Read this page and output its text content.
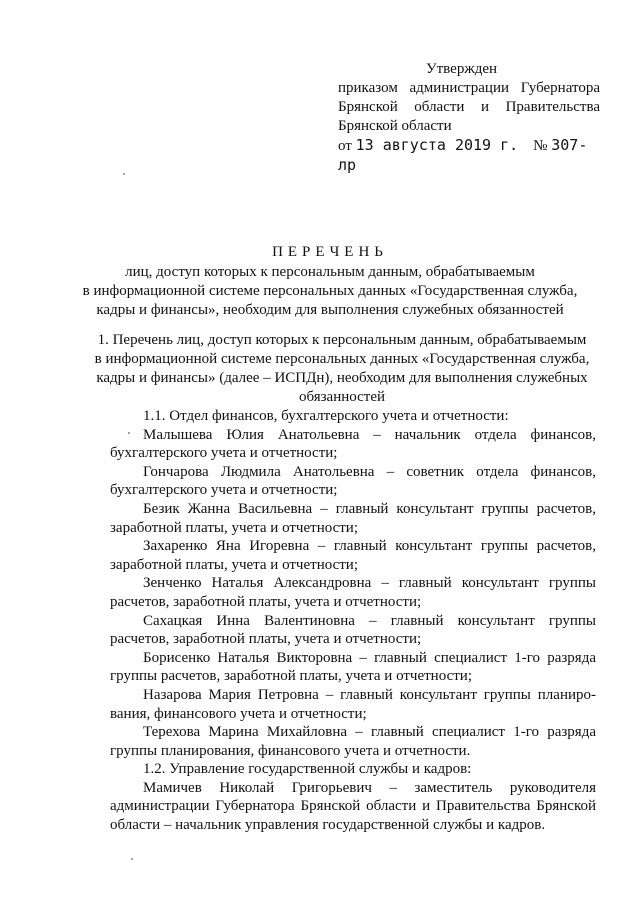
Утвержден
приказом администрации Губернатора
Брянской области и Правительства
Брянской области
от 13 августа 2019 г. № 307-лр
ПЕРЕЧЕНЬ
лиц, доступ которых к персональным данным, обрабатываемым
в информационной системе персональных данных «Государственная служба,
кадры и финансы», необходим для выполнения служебных обязанностей
1. Перечень лиц, доступ которых к персональным данным, обрабатываемым
в информационной системе персональных данных «Государственная служба,
кадры и финансы» (далее – ИСПДн), необходим для выполнения служебных
обязанностей

1.1. Отдел финансов, бухгалтерского учета и отчетности:

Малышева Юлия Анатольевна – начальник отдела финансов, бухгалтерского учета и отчетности;

Гончарова Людмила Анатольевна – советник отдела финансов, бухгалтерского учета и отчетности;

Безик Жанна Васильевна – главный консультант группы расчетов, заработной платы, учета и отчетности;

Захаренко Яна Игоревна – главный консультант группы расчетов, заработной платы, учета и отчетности;

Зенченко Наталья Александровна – главный консультант группы расчетов, заработной платы, учета и отчетности;

Сахацкая Инна Валентиновна – главный консультант группы расчетов, заработной платы, учета и отчетности;

Борисенко Наталья Викторовна – главный специалист 1-го разряда группы расчетов, заработной платы, учета и отчетности;

Назарова Мария Петровна – главный консультант группы планиро-вания, финансового учета и отчетности;

Терехова Марина Михайловна – главный специалист 1-го разряда группы планирования, финансового учета и отчетности.

1.2. Управление государственной службы и кадров:

Мамичев Николай Григорьевич – заместитель руководителя администрации Губернатора Брянской области и Правительства Брянской области – начальник управления государственной службы и кадров.
